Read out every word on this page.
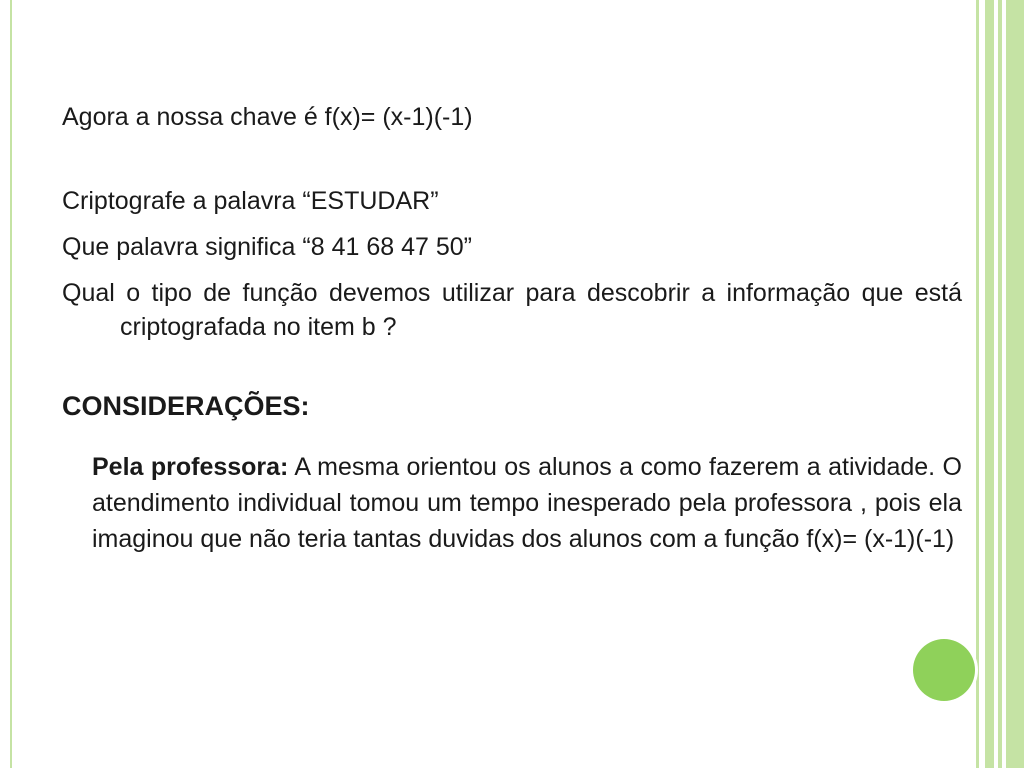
Agora a nossa chave é f(x)= (x-1)(-1)

Criptografe a palavra “ESTUDAR”

Que palavra significa “8 41 68 47 50”

Qual o tipo de função devemos utilizar para descobrir a informação que está criptografada no item b ?

CONSIDERAÇÕES:

Pela professora: A mesma orientou os alunos a como fazerem a atividade. O atendimento individual tomou um tempo inesperado pela professora , pois ela imaginou que não teria tantas duvidas dos alunos com a função f(x)= (x-1)(-1)
